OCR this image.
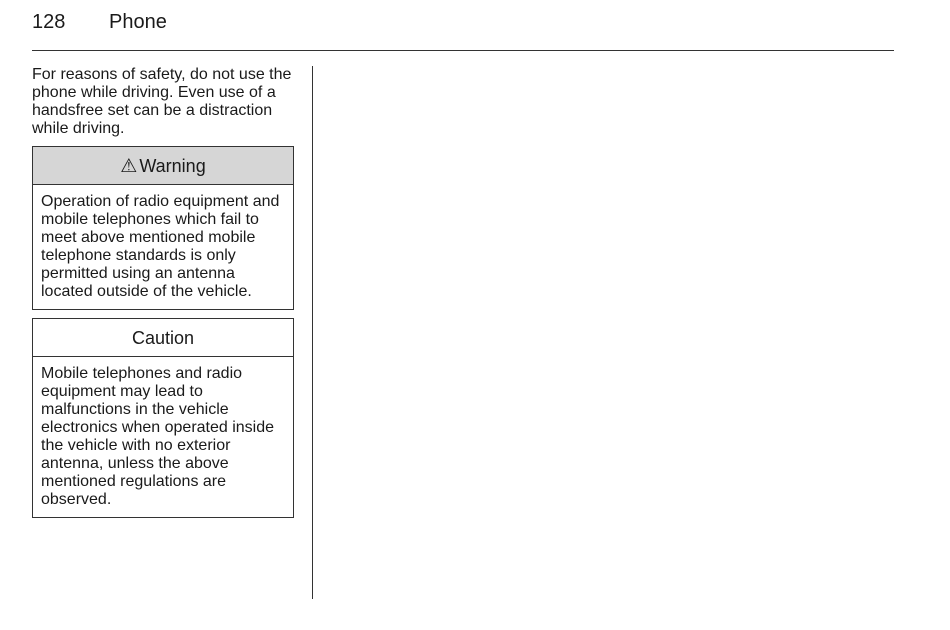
128 Phone

For reasons of safety, do not use the phone while driving. Even use of a handsfree set can be a distraction while driving.

⚠ Warning
Operation of radio equipment and mobile telephones which fail to meet above mentioned mobile telephone standards is only permitted using an antenna located outside of the vehicle.
Caution
Mobile telephones and radio equipment may lead to malfunctions in the vehicle electronics when operated inside the vehicle with no exterior antenna, unless the above mentioned regulations are observed.
